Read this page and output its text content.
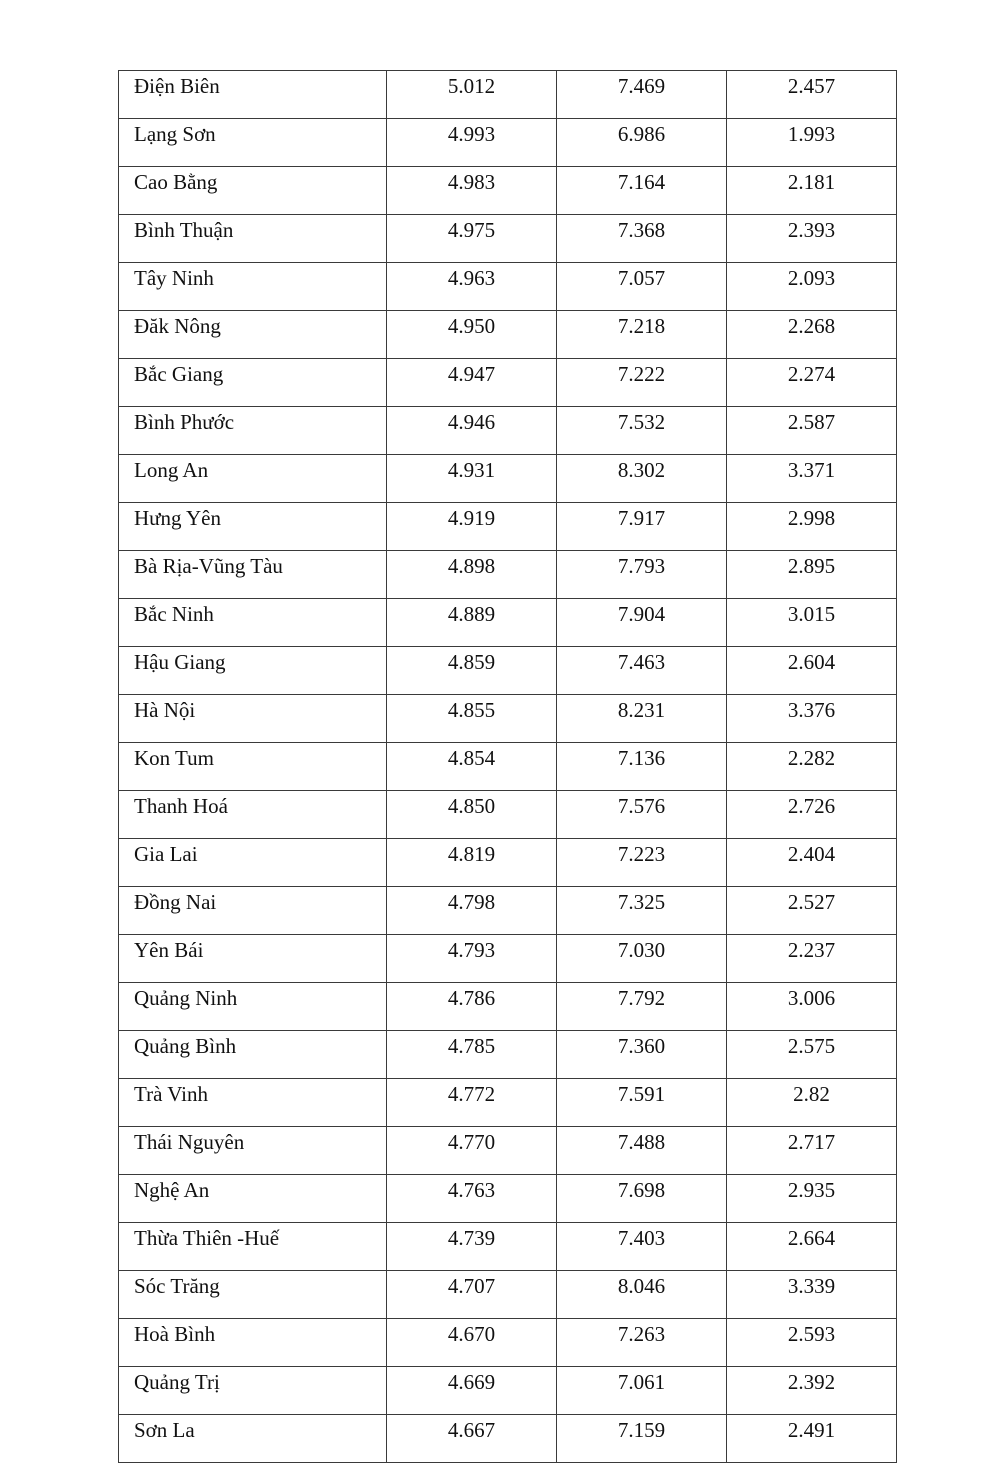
Điện Biên	5.012	7.469	2.457
Lạng Sơn	4.993	6.986	1.993
Cao Bằng	4.983	7.164	2.181
Bình Thuận	4.975	7.368	2.393
Tây Ninh	4.963	7.057	2.093
Đăk Nông	4.950	7.218	2.268
Bắc Giang	4.947	7.222	2.274
Bình Phước	4.946	7.532	2.587
Long An	4.931	8.302	3.371
Hưng Yên	4.919	7.917	2.998
Bà Rịa-Vũng Tàu	4.898	7.793	2.895
Bắc Ninh	4.889	7.904	3.015
Hậu Giang	4.859	7.463	2.604
Hà Nội	4.855	8.231	3.376
Kon Tum	4.854	7.136	2.282
Thanh Hoá	4.850	7.576	2.726
Gia Lai	4.819	7.223	2.404
Đồng Nai	4.798	7.325	2.527
Yên Bái	4.793	7.030	2.237
Quảng Ninh	4.786	7.792	3.006
Quảng Bình	4.785	7.360	2.575
Trà Vinh	4.772	7.591	2.82
Thái Nguyên	4.770	7.488	2.717
Nghệ An	4.763	7.698	2.935
Thừa Thiên -Huế	4.739	7.403	2.664
Sóc Trăng	4.707	8.046	3.339
Hoà Bình	4.670	7.263	2.593
Quảng Trị	4.669	7.061	2.392
Sơn La	4.667	7.159	2.491
